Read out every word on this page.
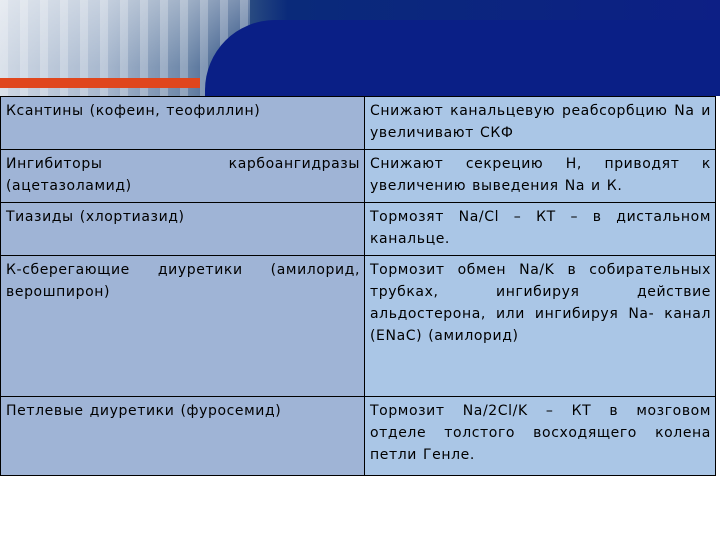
Ксантины (кофеин, теофиллин)	Снижают канальцевую реабсорбцию Na и увеличивают СКФ
Ингибиторы карбоангидразы (ацетазоламид)	Снижают секрецию Н, приводят к увеличению выведения Na и К.
Тиазиды (хлортиазид)	Тормозят Na/Cl – КТ – в дистальном канальце.
К-сберегающие диуретики (амилорид, верошпирон)	Тормозит обмен Na/K в собирательных трубках, ингибируя действие альдостерона, или ингибируя Na- канал (ENaC) (амилорид)
Петлевые диуретики (фуросемид)	Тормозит Na/2Cl/K – КТ в мозговом отделе толстого восходящего колена петли Генле.
